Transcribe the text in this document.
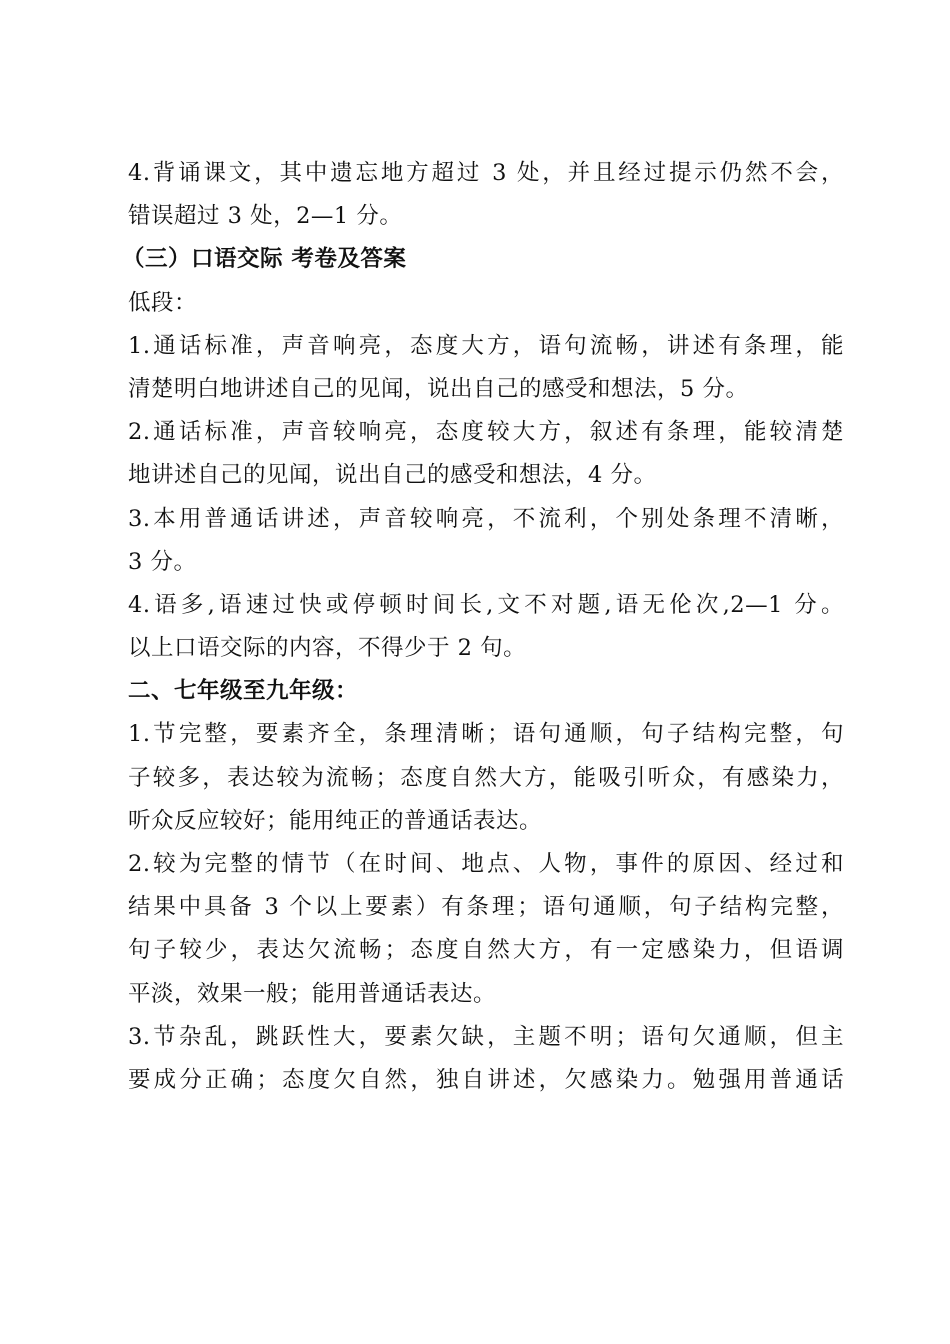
4.背诵课文，其中遗忘地方超过 3 处，并且经过提示仍然不会，
错误超过 3 处，2—1 分。
（三）口语交际 考卷及答案
低段：
1.通话标准，声音响亮，态度大方，语句流畅，讲述有条理，能
清楚明白地讲述自己的见闻，说出自己的感受和想法，5 分。
2.通话标准，声音较响亮，态度较大方，叙述有条理，能较清楚
地讲述自己的见闻，说出自己的感受和想法，4 分。
3.本用普通话讲述，声音较响亮，不流利，个别处条理不清晰，
3 分。
4.语多,语速过快或停顿时间长,文不对题,语无伦次,2—1 分。
以上口语交际的内容，不得少于 2 句。
二、七年级至九年级：
1.节完整，要素齐全，条理清晰；语句通顺，句子结构完整，句
子较多，表达较为流畅；态度自然大方，能吸引听众，有感染力，
听众反应较好；能用纯正的普通话表达。
2.较为完整的情节（在时间、地点、人物，事件的原因、经过和
结果中具备 3 个以上要素）有条理；语句通顺，句子结构完整，
句子较少，表达欠流畅；态度自然大方，有一定感染力，但语调
平淡，效果一般；能用普通话表达。
3.节杂乱，跳跃性大，要素欠缺，主题不明；语句欠通顺，但主
要成分正确；态度欠自然，独自讲述，欠感染力。勉强用普通话
